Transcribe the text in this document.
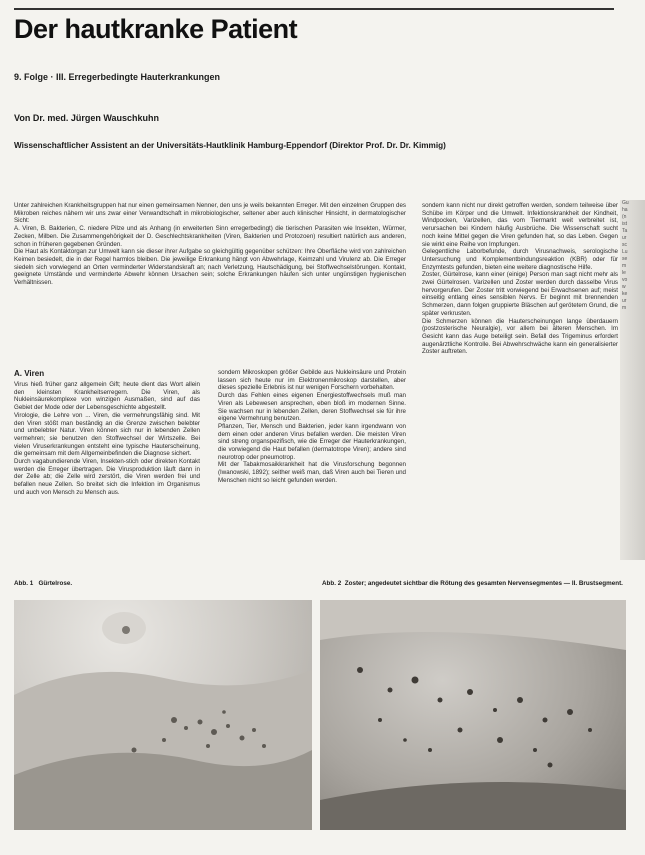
Der hautkranke Patient
9. Folge · III. Erregerbedingte Hauterkrankungen
Von Dr. med. Jürgen Wauschkuhn
Wissenschaftlicher Assistent an der Universitäts-Hautklinik Hamburg-Eppendorf (Direktor Prof. Dr. Dr. Kimmig)

Unter zahlreichen Krankheitsgruppen hat nur einen gemeinsamen Nenner, den uns je weils bekannten Erreger. Mit den einzelnen Gruppen des Mikroben reiches nähern wir uns zwar einer Verwandtschaft in mikrobiologischer, seltener aber auch klinischer Hinsicht, in dermatologischer Sicht:

A. Viren, B. Bakterien, C. niedere Pilze und als Anhang (in erweiterten Sinn erregerbedingt) die tierischen Parasiten wie Insekten, Würmer, Zecken, Milben. Die Zusammengehörigkeit der D. Geschlechtskrankheiten (Viren, Bakterien und Protozoen) resultiert natürlich aus anderen, schon in früheren gegebenen Gründen.

Die Haut als Kontaktorgan zur Umwelt kann sie dieser ihrer Aufgabe so gleichgültig gegenüber schützen: Ihre Oberfläche wird von zahlreichen Keimen besiedelt, die in der Regel harmlos bleiben. Die jeweilige Erkrankung hängt von Abwehrlage, Keimzahl und Virulenz ab. Die Erreger siedeln sich vorwiegend an Orten verminderter Widerstandskraft an; nach Verletzung, Hautschädigung, bei Stoffwechselstörungen. Kontakt, geeignete Umstände und verminderte Abwehr können Ursachen sein; solche Erkrankungen häufen sich unter ungünstigen hygienischen Verhältnissen.

A. Viren

Virus hieß früher ganz allgemein Gift; heute dient das Wort allein den kleinsten Krankheitserregern. Die Viren, als Nukleinsäurekomplexe von winzigen Ausmaßen, sind auf das Gebiet der Mode oder der Lebensgeschichte abgestellt.

Virologie, die Lehre von ... Viren, die vermehrungsfähig sind. Mit den Viren stößt man beständig an die Grenze zwischen belebter und unbelebter Natur. Viren können sich nur in lebenden Zellen vermehren; sie benutzen den Stoffwechsel der Wirtszelle. Bei vielen Viruserkrankungen entsteht eine typische Hauterscheinung, die gemeinsam mit dem Allgemeinbefinden die Diagnose sichert.

Durch vagabundierende Viren, Insekten-stich oder direkten Kontakt werden die Erreger übertragen. Die Virusproduktion läuft dann in der Zelle ab; die Zelle wird zerstört, die Viren werden frei und befallen neue Zellen. So breitet sich die Infektion im Organismus und auch von Mensch zu Mensch aus.

sondern Mikroskopen größer Gebilde aus Nukleinsäure und Protein lassen sich heute nur im Elektronenmikroskop darstellen, aber dieses spezielle Erlebnis ist nur wenigen Forschern vorbehalten.

Durch das Fehlen eines eigenen Energiestoffwechsels muß man Viren als Lebewesen ansprechen, eben bloß im modernen Sinne. Sie wachsen nur in lebenden Zellen, deren Stoffwechsel sie für ihre eigene Vermehrung benutzen.

Pflanzen, Tier, Mensch und Bakterien, jeder kann irgendwann von dem einen oder anderen Virus befallen werden. Die meisten Viren sind streng organspezifisch, wie die Erreger der Hauterkrankungen, die vorwiegend die Haut befallen (dermatotrope Viren); andere sind neurotrop oder pneumotrop.

Mit der Tabakmosaikkrankheit hat die Virusforschung begonnen (Iwanowski, 1892); seither weiß man, daß Viren auch bei Tieren und Menschen nicht so leicht gefunden werden.

sondern kann nicht nur direkt getroffen werden, sondern teilweise über Schübe im Körper und die Umwelt. Infektionskrankheit der Kindheit, Windpocken, Varizellen, das vom Tiermarkt weit verbreitet ist, verursachen bei Kindern häufig Ausbrüche. Die Wissenschaft sucht noch keine Mittel gegen die Viren gefunden hat, so das Leben. Gegen sie wirkt eine Reihe von Impfungen.

Gelegentliche Laborbefunde, durch Virusnachweis, serologische Untersuchung und Komplementbindungsreaktion (KBR) oder für Enzymtests gefunden, bieten eine weitere diagnostische Hilfe.

Zoster, Gürtelrose, kann einer (einige) Person man sagt nicht mehr als zwei Gürtelrosen. Varizellen und Zoster werden durch dasselbe Virus hervorgerufen. Der Zoster tritt vorwiegend bei Erwachsenen auf; meist einseitig entlang eines sensiblen Nervs. Er beginnt mit brennenden Schmerzen, dann folgen gruppierte Bläschen auf gerötetem Grund, die später verkrusten.

Die Schmerzen können die Hauterscheinungen lange überdauern (postzosterische Neuralgie), vor allem bei älteren Menschen. Im Gesicht kann das Auge beteiligt sein. Befall des Trigeminus erfordert augenärztliche Kontrolle. Bei Abwehrschwäche kann ein generalisierter Zoster auftreten.

Gu
ha
(n
ist
Ta
ur
sc
Lu
se
m
le
vo
w
ke
ur
m
Abb. 1 Gürtelrose.	Abb. 2 Zoster; angedeutet sichtbar die Rötung des gesamten Nervensegmentes — II. Brustsegment.
